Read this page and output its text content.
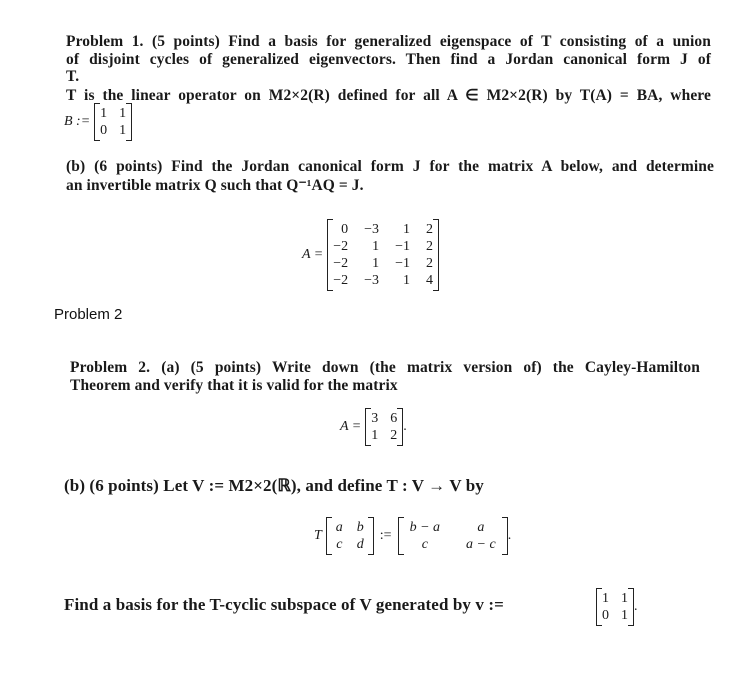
Problem 1. (5 points) Find a basis for generalized eigenspace of T consisting of a union
of disjoint cycles of generalized eigenvectors. Then find a Jordan canonical form J of
T.
T is the linear operator on M2×2(R) defined for all A ∈ M2×2(R) by T(A) = BA, where
B :=
1 1
0 1
(b) (6 points) Find the Jordan canonical form J for the matrix A below, and determine
an invertible matrix Q such that Q⁻¹AQ = J.
A =
0 −3	1 2
−2	1 −1 2
−2	1 −1 2
−2 −3	1 4
Problem 2
Problem 2. (a) (5 points) Write down (the matrix version of) the Cayley-Hamilton
Theorem and verify that it is valid for the matrix
A =
3 6
1 2
.
(b) (6 points) Let V := M2×2(ℝ), and define T : V → V by
T
a b
c d
:=
b − a	a
c	a − c
.
Find a basis for the T-cyclic subspace of V generated by v :=	1 1
0 1
.
